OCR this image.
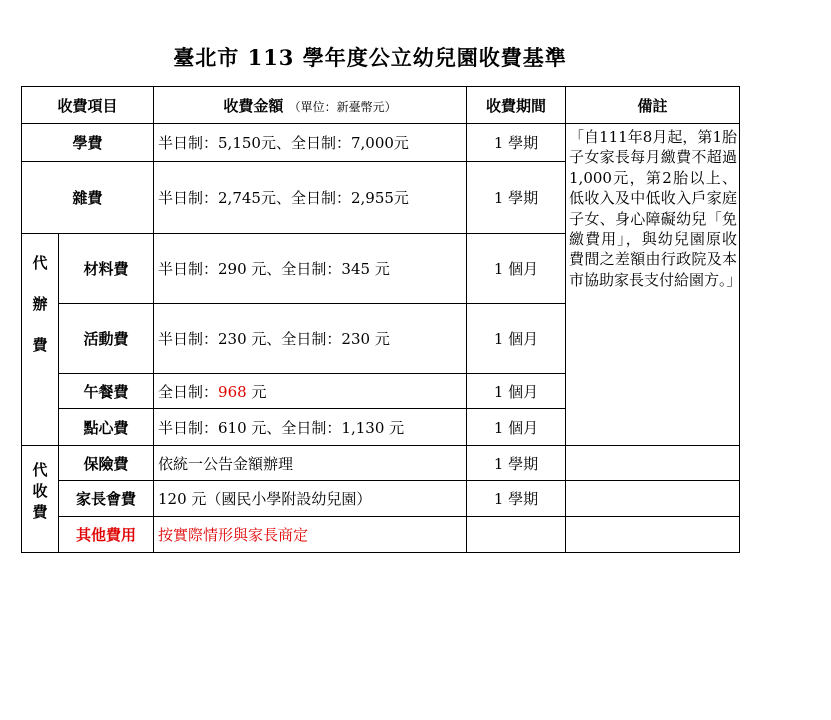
臺北市 113 學年度公立幼兒園收費基準
收費項目		收費金額 （單位：新臺幣元）	收費期間	備註
學費		半日制：5,150元、全日制：7,000元	1 學期	「自111年8月起，第1胎子女家長每月繳費不超過1,000元，第2胎以上、低收入及中低收入戶家庭子女、身心障礙幼兒「免繳費用」，與幼兒園原收費間之差額由行政院及本市協助家長支付給園方。」
雜費		半日制：2,745元、全日制：2,955元	1 學期	

代
辦
費	材料費	半日制：290 元、全日制：345 元	1 個月	
	活動費	半日制：230 元、全日制：230 元	1 個月	
	午餐費	全日制：968 元	1 個月	
	點心費	半日制：610 元、全日制：1,130 元	1 個月	

代
收
費	保險費	依統一公告金額辦理	1 學期	
	家長會費	120 元（國民小學附設幼兒園）	1 學期	
	其他費用	按實際情形與家長商定		
